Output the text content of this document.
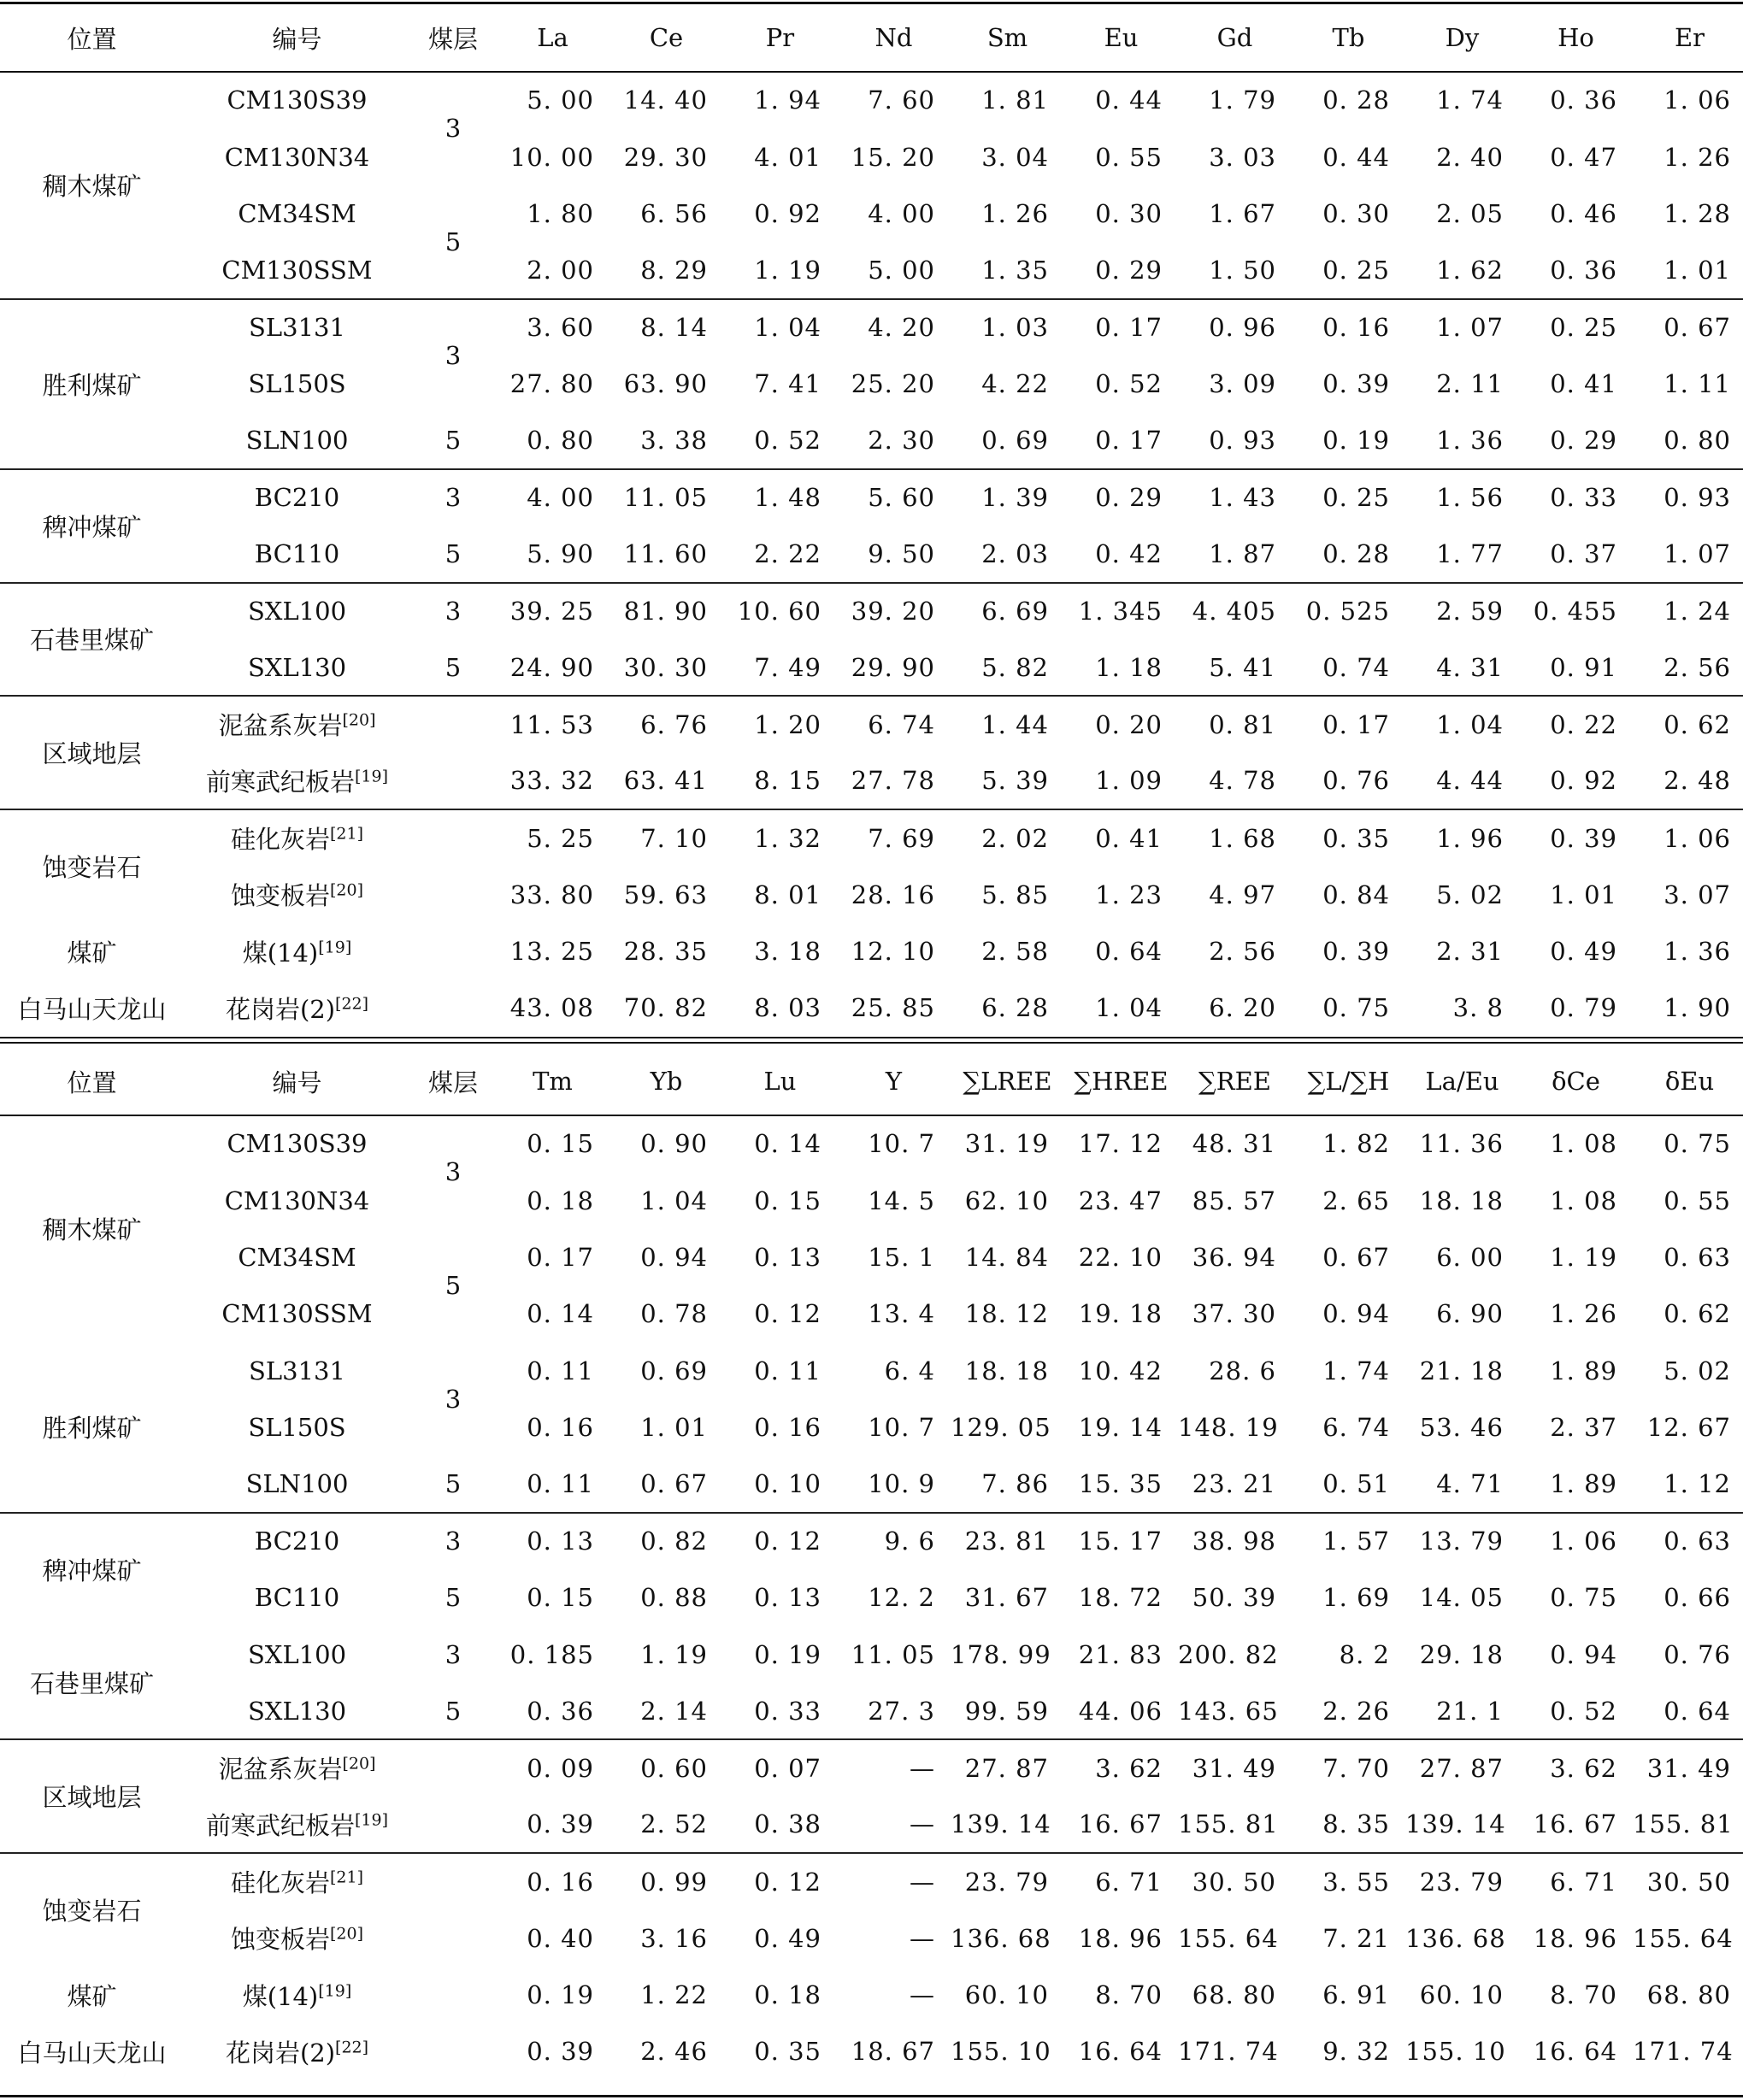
位置	编号	煤层	La	Ce	Pr	Nd	Sm	Eu	Gd	Tb	Dy	Ho	Er

稠木煤矿	CM130S39	3	5. 00	14. 40	1. 94	7. 60	1. 81	0. 44	1. 79	0. 28	1. 74	0. 36	1. 06
	CM130N34		10. 00	29. 30	4. 01	15. 20	3. 04	0. 55	3. 03	0. 44	2. 40	0. 47	1. 26
	CM34SM	5	1. 80	6. 56	0. 92	4. 00	1. 26	0. 30	1. 67	0. 30	2. 05	0. 46	1. 28
	CM130SSM		2. 00	8. 29	1. 19	5. 00	1. 35	0. 29	1. 50	0. 25	1. 62	0. 36	1. 01
胜利煤矿	SL3131	3	3. 60	8. 14	1. 04	4. 20	1. 03	0. 17	0. 96	0. 16	1. 07	0. 25	0. 67
	SL150S		27. 80	63. 90	7. 41	25. 20	4. 22	0. 52	3. 09	0. 39	2. 11	0. 41	1. 11
	SLN100	5	0. 80	3. 38	0. 52	2. 30	0. 69	0. 17	0. 93	0. 19	1. 36	0. 29	0. 80
稗冲煤矿	BC210	3	4. 00	11. 05	1. 48	5. 60	1. 39	0. 29	1. 43	0. 25	1. 56	0. 33	0. 93
	BC110	5	5. 90	11. 60	2. 22	9. 50	2. 03	0. 42	1. 87	0. 28	1. 77	0. 37	1. 07
石巷里煤矿	SXL100	3	39. 25	81. 90	10. 60	39. 20	6. 69	1. 345	4. 405	0. 525	2. 59	0. 455	1. 24
	SXL130	5	24. 90	30. 30	7. 49	29. 90	5. 82	1. 18	5. 41	0. 74	4. 31	0. 91	2. 56
区域地层	泥盆系灰岩[20]		11. 53	6. 76	1. 20	6. 74	1. 44	0. 20	0. 81	0. 17	1. 04	0. 22	0. 62
	前寒武纪板岩[19]		33. 32	63. 41	8. 15	27. 78	5. 39	1. 09	4. 78	0. 76	4. 44	0. 92	2. 48
蚀变岩石	硅化灰岩[21]		5. 25	7. 10	1. 32	7. 69	2. 02	0. 41	1. 68	0. 35	1. 96	0. 39	1. 06
	蚀变板岩[20]		33. 80	59. 63	8. 01	28. 16	5. 85	1. 23	4. 97	0. 84	5. 02	1. 01	3. 07
煤矿	煤(14)[19]		13. 25	28. 35	3. 18	12. 10	2. 58	0. 64	2. 56	0. 39	2. 31	0. 49	1. 36
白马山天龙山	花岗岩(2)[22]		43. 08	70. 82	8. 03	25. 85	6. 28	1. 04	6. 20	0. 75	3. 8	0. 79	1. 90
位置	编号	煤层	Tm	Yb	Lu	Y	∑LREE	∑HREE	∑REE	∑L/∑H	La/Eu	δCe	δEu

稠木煤矿	CM130S39	3	0. 15	0. 90	0. 14	10. 7	31. 19	17. 12	48. 31	1. 82	11. 36	1. 08	0. 75
	CM130N34		0. 18	1. 04	0. 15	14. 5	62. 10	23. 47	85. 57	2. 65	18. 18	1. 08	0. 55
	CM34SM	5	0. 17	0. 94	0. 13	15. 1	14. 84	22. 10	36. 94	0. 67	6. 00	1. 19	0. 63
	CM130SSM		0. 14	0. 78	0. 12	13. 4	18. 12	19. 18	37. 30	0. 94	6. 90	1. 26	0. 62
胜利煤矿	SL3131	3	0. 11	0. 69	0. 11	6. 4	18. 18	10. 42	28. 6	1. 74	21. 18	1. 89	5. 02
	SL150S		0. 16	1. 01	0. 16	10. 7	129. 05	19. 14	148. 19	6. 74	53. 46	2. 37	12. 67
	SLN100	5	0. 11	0. 67	0. 10	10. 9	7. 86	15. 35	23. 21	0. 51	4. 71	1. 89	1. 12
稗冲煤矿	BC210	3	0. 13	0. 82	0. 12	9. 6	23. 81	15. 17	38. 98	1. 57	13. 79	1. 06	0. 63
	BC110	5	0. 15	0. 88	0. 13	12. 2	31. 67	18. 72	50. 39	1. 69	14. 05	0. 75	0. 66
石巷里煤矿	SXL100	3	0. 185	1. 19	0. 19	11. 05	178. 99	21. 83	200. 82	8. 2	29. 18	0. 94	0. 76
	SXL130	5	0. 36	2. 14	0. 33	27. 3	99. 59	44. 06	143. 65	2. 26	21. 1	0. 52	0. 64
区域地层	泥盆系灰岩[20]		0. 09	0. 60	0. 07	—	27. 87	3. 62	31. 49	7. 70	27. 87	3. 62	31. 49
	前寒武纪板岩[19]		0. 39	2. 52	0. 38	—	139. 14	16. 67	155. 81	8. 35	139. 14	16. 67	155. 81
蚀变岩石	硅化灰岩[21]		0. 16	0. 99	0. 12	—	23. 79	6. 71	30. 50	3. 55	23. 79	6. 71	30. 50
	蚀变板岩[20]		0. 40	3. 16	0. 49	—	136. 68	18. 96	155. 64	7. 21	136. 68	18. 96	155. 64
煤矿	煤(14)[19]		0. 19	1. 22	0. 18	—	60. 10	8. 70	68. 80	6. 91	60. 10	8. 70	68. 80
白马山天龙山	花岗岩(2)[22]		0. 39	2. 46	0. 35	18. 67	155. 10	16. 64	171. 74	9. 32	155. 10	16. 64	171. 74
